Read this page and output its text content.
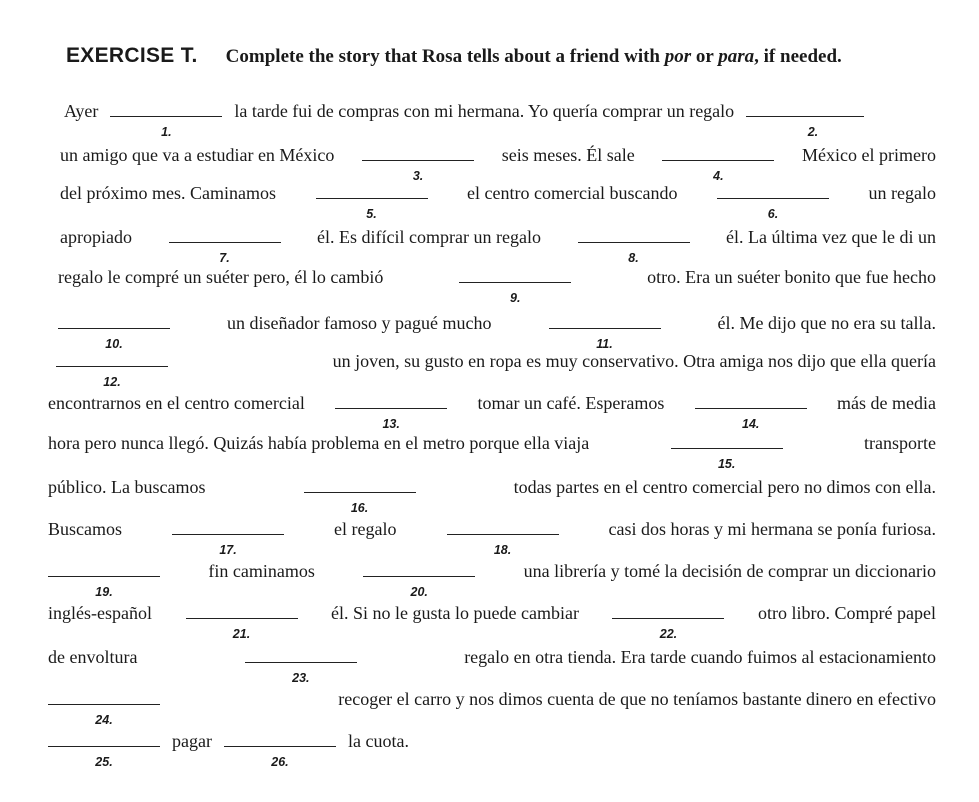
EXERCISE T. Complete the story that Rosa tells about a friend with por or para, if needed.
Ayer
1.
la tarde fui de compras con mi hermana. Yo quería comprar un regalo
2.
un amigo que va a estudiar en México
3.
seis meses. Él sale
4.
México el primero
del próximo mes. Caminamos
5.
el centro comercial buscando
6.
un regalo
apropiado
7.
él. Es difícil comprar un regalo
8.
él. La última vez que le di un
regalo le compré un suéter pero, él lo cambió
9.
otro. Era un suéter bonito que fue hecho
10.
un diseñador famoso y pagué mucho
11.
él. Me dijo que no era su talla.
12.
un joven, su gusto en ropa es muy conservativo. Otra amiga nos dijo que ella quería
encontrarnos en el centro comercial
13.
tomar un café. Esperamos
14.
más de media
hora pero nunca llegó. Quizás había problema en el metro porque ella viaja
15.
transporte
público. La buscamos
16.
todas partes en el centro comercial pero no dimos con ella.
Buscamos
17.
el regalo
18.
casi dos horas y mi hermana se ponía furiosa.
19.
fin caminamos
20.
una librería y tomé la decisión de comprar un diccionario
inglés-español
21.
él. Si no le gusta lo puede cambiar
22.
otro libro. Compré papel
de envoltura
23.
regalo en otra tienda. Era tarde cuando fuimos al estacionamiento
24.
recoger el carro y nos dimos cuenta de que no teníamos bastante dinero en efectivo
25.
pagar
26.
la cuota.
